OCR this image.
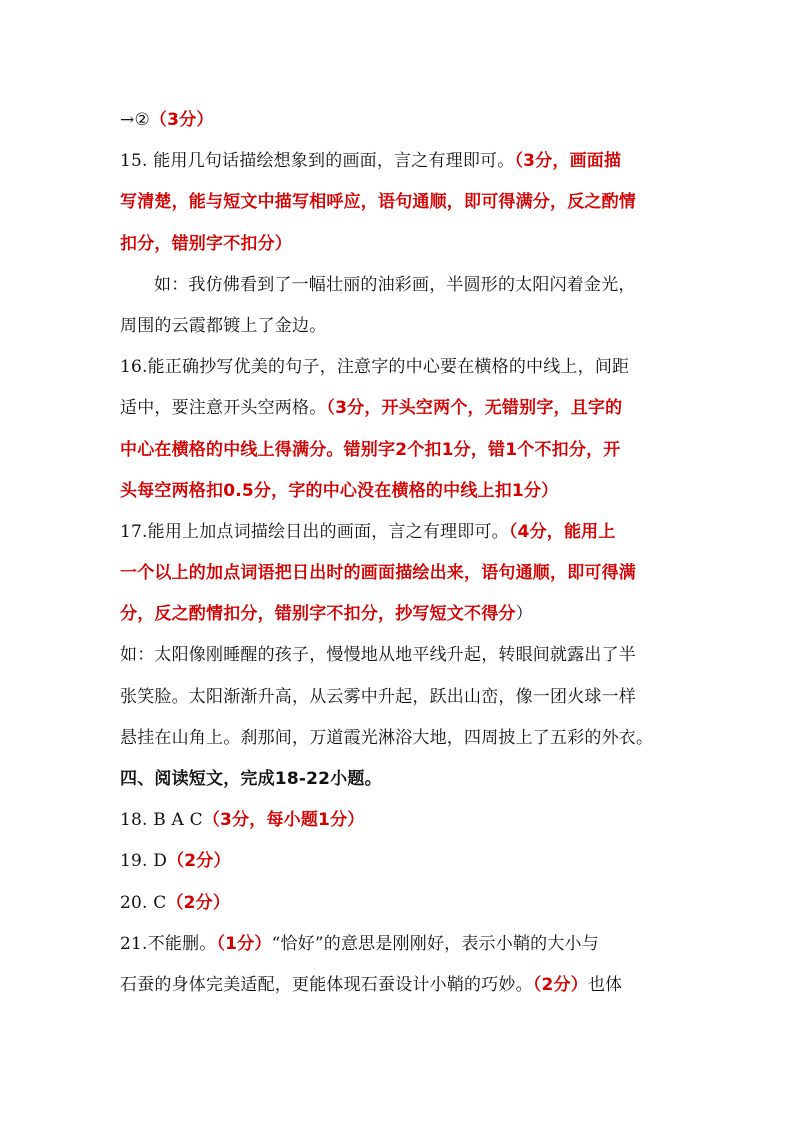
→②（3分）
15. 能用几句话描绘想象到的画面，言之有理即可。（3分，画面描
写清楚，能与短文中描写相呼应，语句通顺，即可得满分，反之酌情
扣分，错别字不扣分）
如：我仿佛看到了一幅壮丽的油彩画，半圆形的太阳闪着金光，
周围的云霞都镀上了金边。
16.能正确抄写优美的句子，注意字的中心要在横格的中线上，间距
适中，要注意开头空两格。（3分，开头空两个，无错别字，且字的
中心在横格的中线上得满分。错别字2个扣1分，错1个不扣分，开
头每空两格扣0.5分，字的中心没在横格的中线上扣1分）
17.能用上加点词描绘日出的画面，言之有理即可。（4分，能用上
一个以上的加点词语把日出时的画面描绘出来，语句通顺，即可得满
分，反之酌情扣分，错别字不扣分，抄写短文不得分）
如：太阳像刚睡醒的孩子，慢慢地从地平线升起，转眼间就露出了半
张笑脸。太阳渐渐升高，从云雾中升起，跃出山峦，像一团火球一样
悬挂在山角上。刹那间，万道霞光淋浴大地，四周披上了五彩的外衣。
四、阅读短文，完成18-22小题。
18. B A C（3分，每小题1分）
19. D（2分）
20. C（2分）
21.不能删。（1分）“恰好”的意思是刚刚好，表示小鞘的大小与
石蚕的身体完美适配，更能体现石蚕设计小鞘的巧妙。（2分）也体
